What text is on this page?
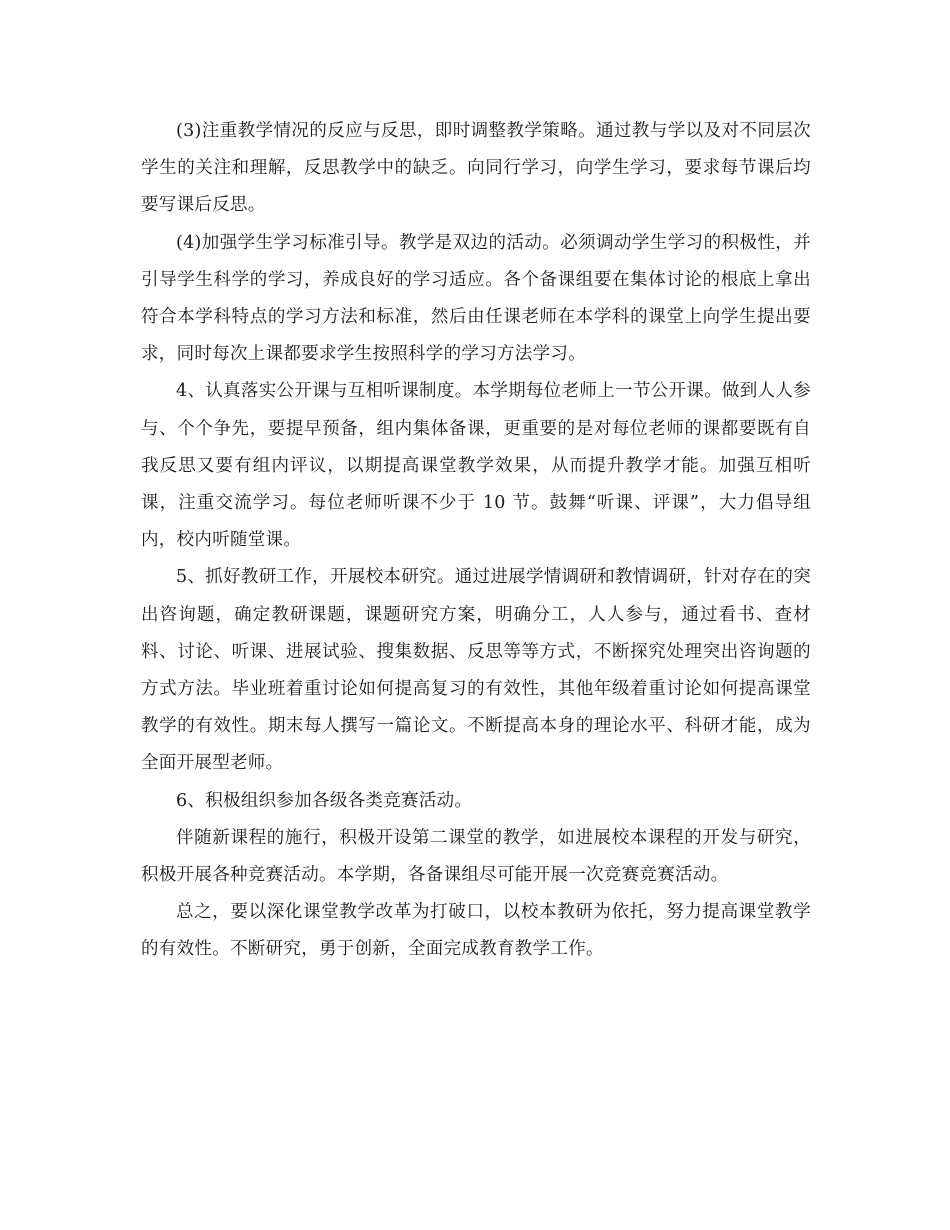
(3)注重教学情况的反应与反思，即时调整教学策略。通过教与学以及对不同层次学生的关注和理解，反思教学中的缺乏。向同行学习，向学生学习，要求每节课后均要写课后反思。

(4)加强学生学习标准引导。教学是双边的活动。必须调动学生学习的积极性，并引导学生科学的学习，养成良好的学习适应。各个备课组要在集体讨论的根底上拿出符合本学科特点的学习方法和标准，然后由任课老师在本学科的课堂上向学生提出要求，同时每次上课都要求学生按照科学的学习方法学习。

4、认真落实公开课与互相听课制度。本学期每位老师上一节公开课。做到人人参与、个个争先，要提早预备，组内集体备课，更重要的是对每位老师的课都要既有自我反思又要有组内评议，以期提高课堂教学效果，从而提升教学才能。加强互相听课，注重交流学习。每位老师听课不少于 10 节。鼓舞“听课、评课”，大力倡导组内，校内听随堂课。

5、抓好教研工作，开展校本研究。通过进展学情调研和教情调研，针对存在的突出咨询题，确定教研课题，课题研究方案，明确分工，人人参与，通过看书、查材料、讨论、听课、进展试验、搜集数据、反思等等方式，不断探究处理突出咨询题的方式方法。毕业班着重讨论如何提高复习的有效性，其他年级着重讨论如何提高课堂教学的有效性。期末每人撰写一篇论文。不断提高本身的理论水平、科研才能，成为全面开展型老师。

6、积极组织参加各级各类竞赛活动。

伴随新课程的施行，积极开设第二课堂的教学，如进展校本课程的开发与研究，积极开展各种竞赛活动。本学期，各备课组尽可能开展一次竞赛竞赛活动。

总之，要以深化课堂教学改革为打破口，以校本教研为依托，努力提高课堂教学的有效性。不断研究，勇于创新，全面完成教育教学工作。
